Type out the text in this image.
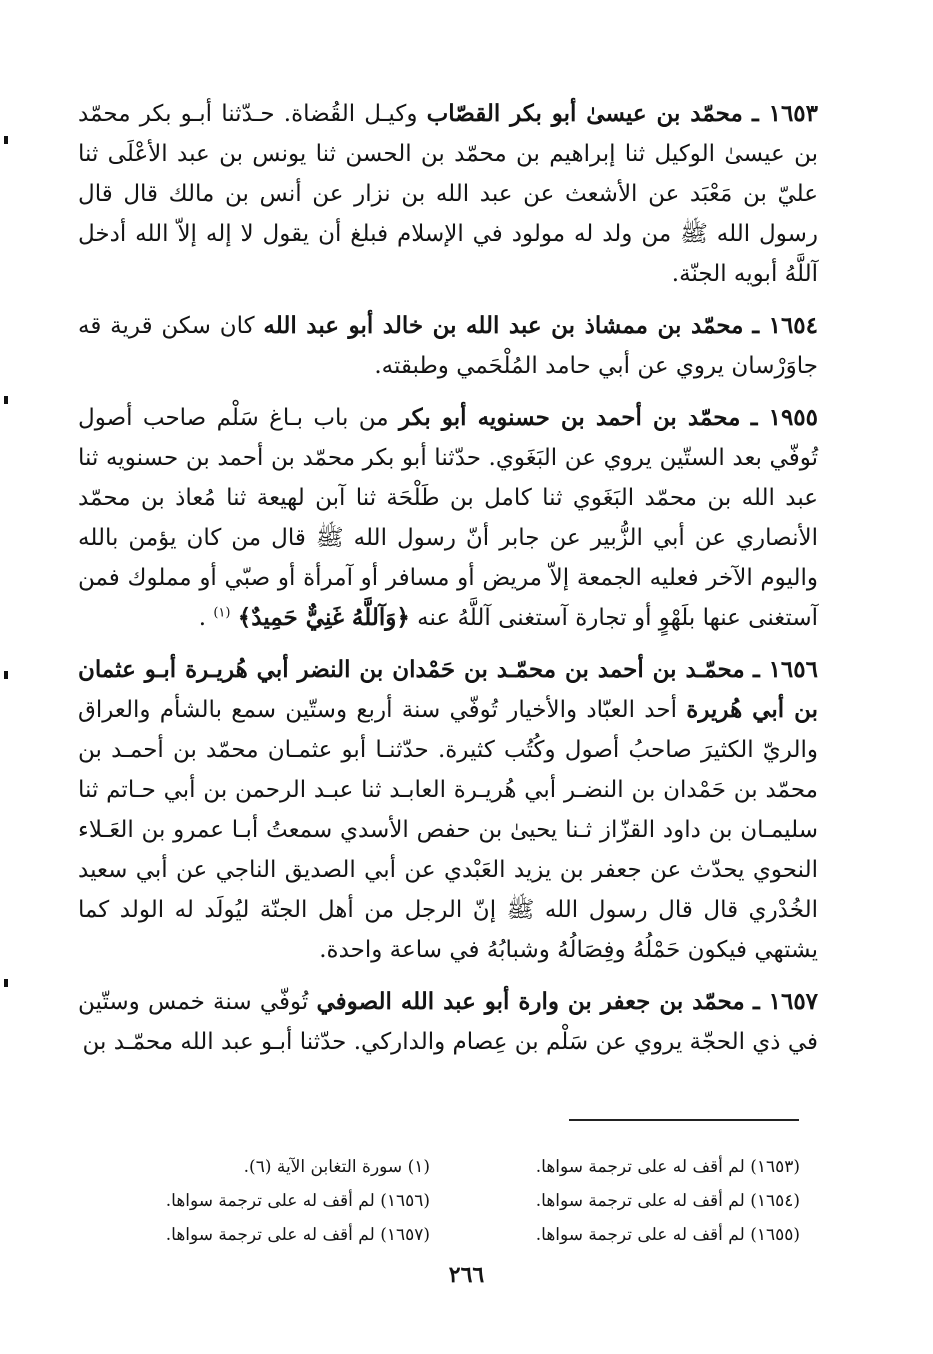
١٦٥٣ ـ محمّد بن عيسىٰ أبو بكر القصّاب وكيـل القُضاة. حـدّثنا أبـو بكر محمّد بن عيسىٰ الوكيل ثنا إبراهيم بن محمّد بن الحسن ثنا يونس بن عبد الأعْلَى ثنا عليّ بن مَعْبَد عن الأشعث عن عبد الله بن نزار عن أنس بن مالك قال قال رسول الله ﷺ من ولد له مولود في الإسلام فبلغ أن يقول لا إله إلاّ الله أدخل آللَّهُ أبويه الجنّة.

١٦٥٤ ـ محمّد بن ممشاذ بن عبد الله بن خالد أبو عبد الله كان سكن قرية قه جاوَرْسان يروي عن أبي حامد المُلْحَمي وطبقته.

١٩٥٥ ـ محمّد بن أحمد بن حسنويه أبو بكر من باب بـاغ سَلْم صاحب أصول تُوفّي بعد الستّين يروي عن البَغَوي. حدّثنا أبو بكر محمّد بن أحمد بن حسنويه ثنا عبد الله بن محمّد البَغَوي ثنا كامل بن طَلْحَة ثنا آبن لهيعة ثنا مُعاذ بن محمّد الأنصاري عن أبي الزُّبير عن جابر أنّ رسول الله ﷺ قال من كان يؤمن بالله واليوم الآخر فعليه الجمعة إلاّ مريض أو مسافر أو آمرأة أو صبّي أو مملوك فمن آستغنى عنها بلَهْوٍ أو تجارة آستغنى آللَّهُ عنه ﴿وَآللَّهُ غَنِيٌّ حَمِيدٌ﴾ $^{(١)}$ .

١٦٥٦ ـ محمّـد بن أحمد بن محمّـد بن حَمْدان بن النضر أبي هُريـرة أبـو عثمان بن أبي هُريرة أحد العبّاد والأخيار تُوفّي سنة أربع وستّين سمع بالشأم والعراق والريّ الكثيرَ صاحبُ أصول وكُتُب كثيرة. حدّثنـا أبو عثمـان محمّد بن أحمـد بن محمّد بن حَمْدان بن النضـر أبي هُريـرة العابـد ثنا عبـد الرحمن بن أبي حـاتم ثنا سليمـان بن داود القزّاز ثـنا يحيىٰ بن حفص الأسدي سمعتُ أبـا عمرو بن العَـلاء النحوي يحدّث عن جعفر بن يزيد العَبْدي عن أبي الصديق الناجي عن أبي سعيد الخُدْري قال قال رسول الله ﷺ إنّ الرجل من أهل الجنّة ليُولَد له الولد كما يشتهي فيكون حَمْلُهُ وفِصَالُهُ وشبابُهُ في ساعة واحدة.

١٦٥٧ ـ محمّد بن جعفر بن وارة أبو عبد الله الصوفي تُوفّي سنة خمس وستّين في ذي الحجّة يروي عن سَلْم بن عِصام والداركي. حدّثنا أبـو عبد الله محمّـد بن

(١٦٥٣) لم أقف له على ترجمة سواها.
(١٦٥٤) لم أقف له على ترجمة سواها.
(١٦٥٥) لم أقف له على ترجمة سواها.
(١) سورة التغابن الآية (٦).
(١٦٥٦) لم أقف له على ترجمة سواها.
(١٦٥٧) لم أقف له على ترجمة سواها.
٢٦٦
